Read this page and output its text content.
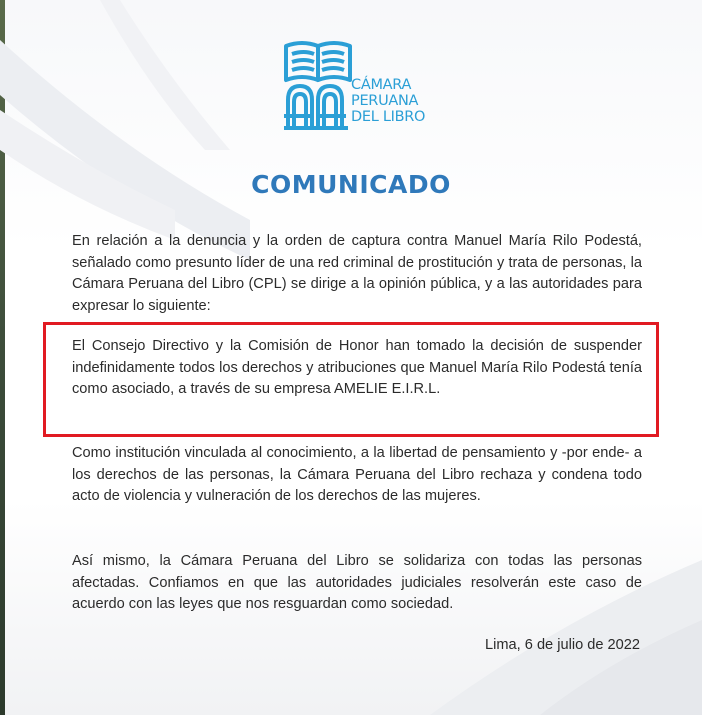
CÁMARA
PERUANA
DEL LIBRO
COMUNICADO
En relación a la denuncia y la orden de captura contra Manuel María Rilo Podestá, señalado como presunto líder de una red criminal de prostitución y trata de personas, la Cámara Peruana del Libro (CPL) se dirige a la opinión pública, y a las autoridades para expresar lo siguiente:
El Consejo Directivo y la Comisión de Honor han tomado la decisión de suspender indefinidamente todos los derechos y atribuciones que Manuel María Rilo Podestá tenía como asociado, a través de su empresa AMELIE E.I.R.L.
Como institución vinculada al conocimiento, a la libertad de pensamiento y -por ende- a los derechos de las personas, la Cámara Peruana del Libro rechaza y condena todo acto de violencia y vulneración de los derechos de las mujeres.
Así mismo, la Cámara Peruana del Libro se solidariza con todas las personas afectadas. Confiamos en que las autoridades judiciales resolverán este caso de acuerdo con las leyes que nos resguardan como sociedad.
Lima, 6 de julio de 2022
